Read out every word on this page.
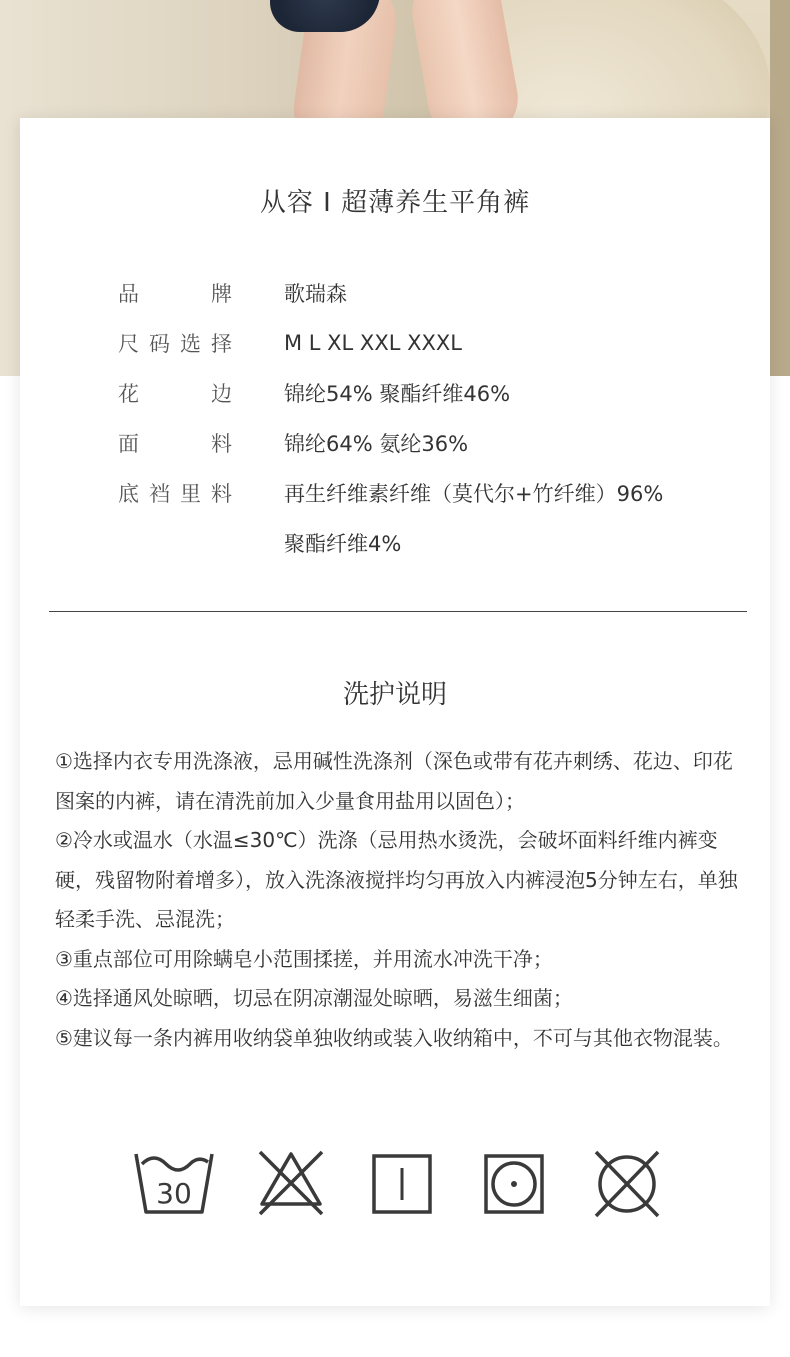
从容 I 超薄养生平角裤
品	牌 歌瑞森
尺 码 选 择 M L XL XXL XXXL
花	边 锦纶54% 聚酯纤维46%
面	料 锦纶64% 氨纶36%
底 裆 里 料 再生纤维素纤维（莫代尔+竹纤维）96%
聚酯纤维4%
洗护说明

①选择内衣专用洗涤液，忌用碱性洗涤剂（深色或带有花卉刺绣、花边、印花图案的内裤，请在清洗前加入少量食用盐用以固色）；

②冷水或温水（水温≤30℃）洗涤（忌用热水烫洗，会破坏面料纤维内裤变硬，残留物附着增多），放入洗涤液搅拌均匀再放入内裤浸泡5分钟左右，单独轻柔手洗、忌混洗；

③重点部位可用除螨皂小范围揉搓，并用流水冲洗干净；

④选择通风处晾晒，切忌在阴凉潮湿处晾晒，易滋生细菌；

⑤建议每一条内裤用收纳袋单独收纳或装入收纳箱中，不可与其他衣物混装。

30
